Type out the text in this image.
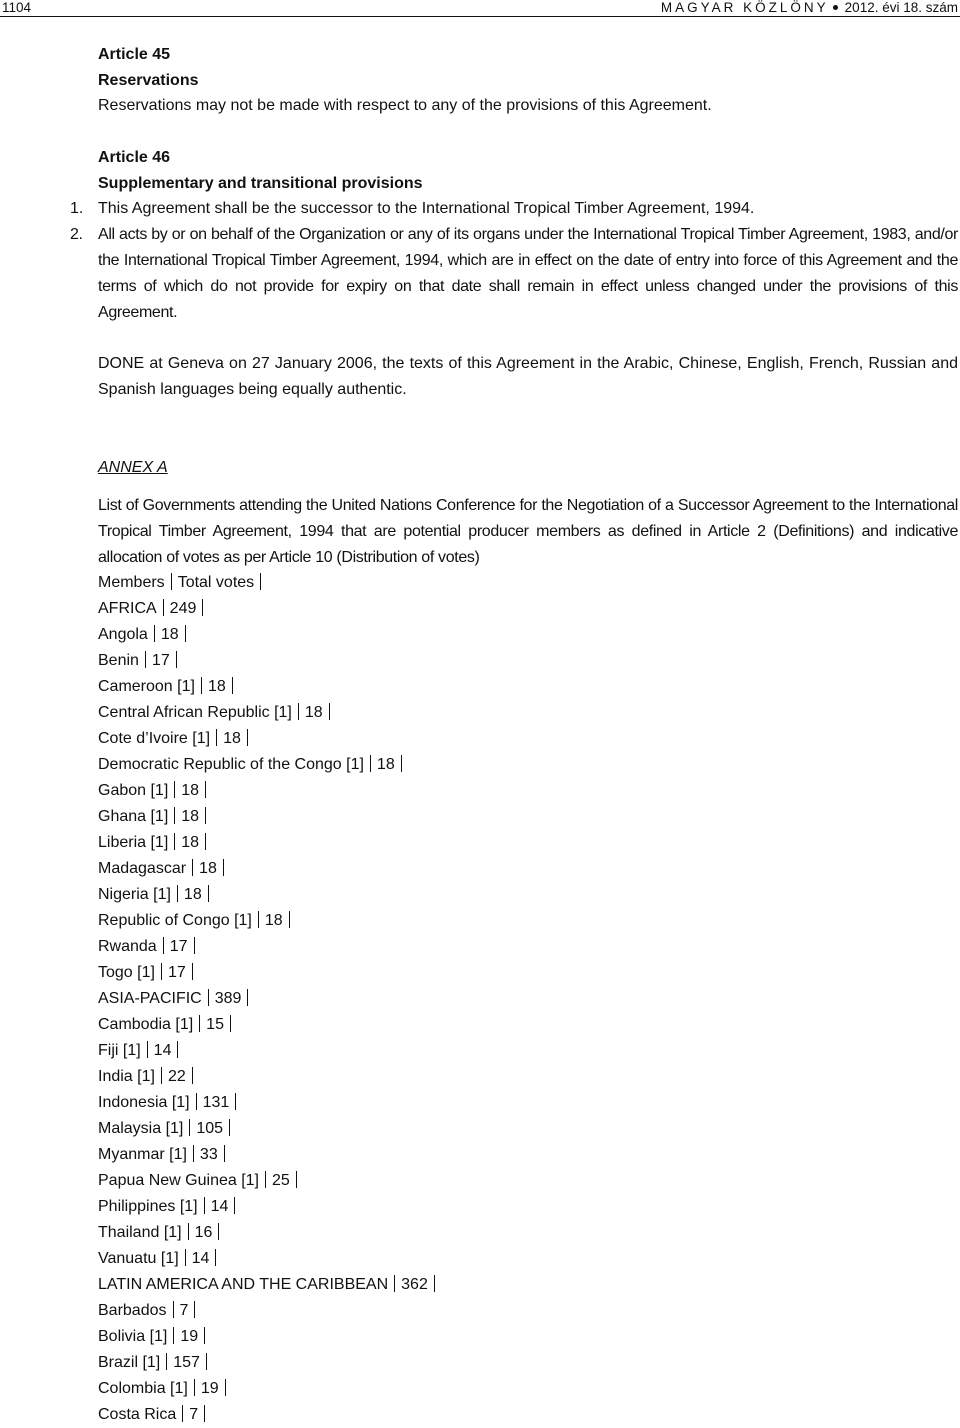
1104	MAGYAR KÖZLÖNY 2012. évi 18. szám
Article 45
Reservations
Reservations may not be made with respect to any of the provisions of this Agreement.
Article 46
Supplementary and transitional provisions
1. This Agreement shall be the successor to the International Tropical Timber Agreement, 1994.
2. All acts by or on behalf of the Organization or any of its organs under the International Tropical Timber Agreement, 1983, and/or the International Tropical Timber Agreement, 1994, which are in effect on the date of entry into force of this Agreement and the terms of which do not provide for expiry on that date shall remain in effect unless changed under the provisions of this Agreement.
DONE at Geneva on 27 January 2006, the texts of this Agreement in the Arabic, Chinese, English, French, Russian and Spanish languages being equally authentic.
ANNEX A
List of Governments attending the United Nations Conference for the Negotiation of a Successor Agreement to the International Tropical Timber Agreement, 1994 that are potential producer members as defined in Article 2 (Definitions) and indicative allocation of votes as per Article 10 (Distribution of votes)
Members Total votes
AFRICA 249
Angola 18
Benin 17
Cameroon [1] 18
Central African Republic [1] 18
Cote d’Ivoire [1] 18
Democratic Republic of the Congo [1] 18
Gabon [1] 18
Ghana [1] 18
Liberia [1] 18
Madagascar 18
Nigeria [1] 18
Republic of Congo [1] 18
Rwanda 17
Togo [1] 17
ASIA-PACIFIC 389
Cambodia [1] 15
Fiji [1] 14
India [1] 22
Indonesia [1] 131
Malaysia [1] 105
Myanmar [1] 33
Papua New Guinea [1] 25
Philippines [1] 14
Thailand [1] 16
Vanuatu [1] 14
LATIN AMERICA AND THE CARIBBEAN 362
Barbados 7
Bolivia [1] 19
Brazil [1] 157
Colombia [1] 19
Costa Rica 7
